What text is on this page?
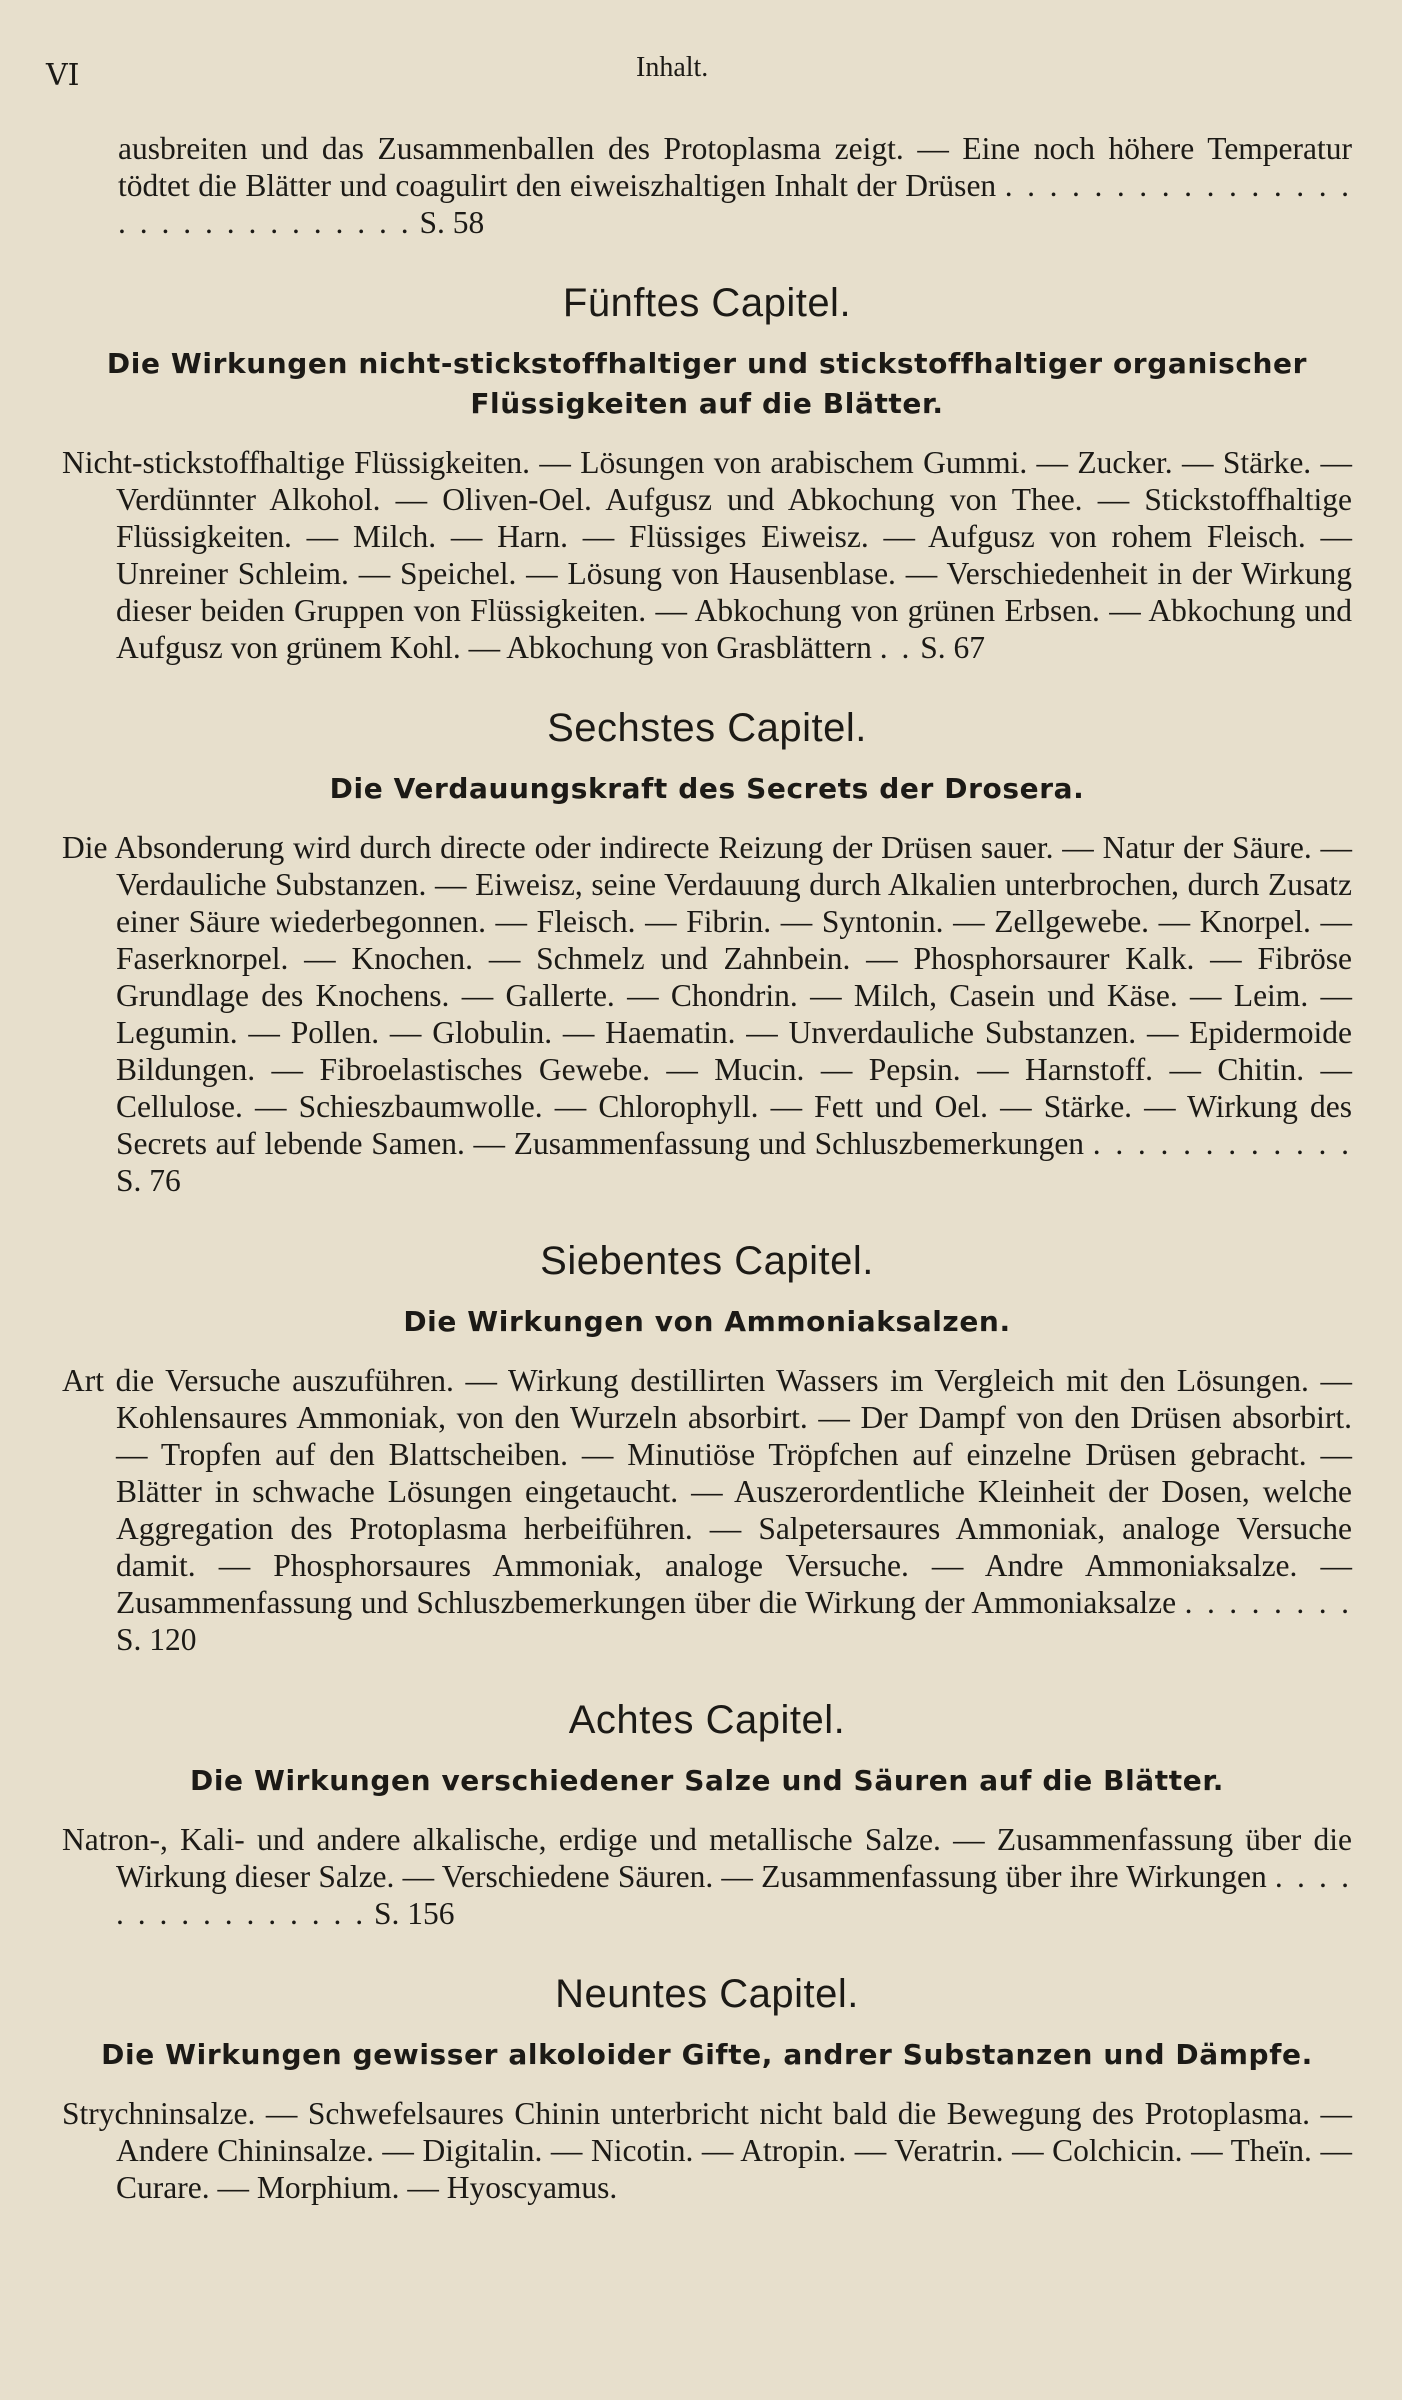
VI	Inhalt.

ausbreiten und das Zusammenballen des Protoplasma zeigt. — Eine noch höhere Temperatur tödtet die Blätter und coagulirt den eiweiszhaltigen Inhalt der Drüsen . . . . . . . . . . . . . . . . . . . . . . . . . . . . . . S. 58

Fünftes Capitel.
Die Wirkungen nicht-stickstoffhaltiger und stickstoffhaltiger organischer Flüssigkeiten auf die Blätter.

Nicht-stickstoffhaltige Flüssigkeiten. — Lösungen von arabischem Gummi. — Zucker. — Stärke. — Verdünnter Alkohol. — Oliven-Oel. Aufgusz und Abkochung von Thee. — Stickstoffhaltige Flüssigkeiten. — Milch. — Harn. — Flüssiges Eiweisz. — Aufgusz von rohem Fleisch. — Unreiner Schleim. — Speichel. — Lösung von Hausenblase. — Verschiedenheit in der Wirkung dieser beiden Gruppen von Flüssigkeiten. — Abkochung von grünen Erbsen. — Abkochung und Aufgusz von grünem Kohl. — Abkochung von Grasblättern . . S. 67

Sechstes Capitel.
Die Verdauungskraft des Secrets der Drosera.

Die Absonderung wird durch directe oder indirecte Reizung der Drüsen sauer. — Natur der Säure. — Verdauliche Substanzen. — Eiweisz, seine Verdauung durch Alkalien unterbrochen, durch Zusatz einer Säure wiederbegonnen. — Fleisch. — Fibrin. — Syntonin. — Zellgewebe. — Knorpel. — Faserknorpel. — Knochen. — Schmelz und Zahnbein. — Phosphorsaurer Kalk. — Fibröse Grundlage des Knochens. — Gallerte. — Chondrin. — Milch, Casein und Käse. — Leim. — Legumin. — Pollen. — Globulin. — Haematin. — Unverdauliche Substanzen. — Epidermoide Bildungen. — Fibroelastisches Gewebe. — Mucin. — Pepsin. — Harnstoff. — Chitin. — Cellulose. — Schieszbaumwolle. — Chlorophyll. — Fett und Oel. — Stärke. — Wirkung des Secrets auf lebende Samen. — Zusammenfassung und Schluszbemerkungen . . . . . . . . . . . . S. 76

Siebentes Capitel.
Die Wirkungen von Ammoniaksalzen.

Art die Versuche auszuführen. — Wirkung destillirten Wassers im Vergleich mit den Lösungen. — Kohlensaures Ammoniak, von den Wurzeln absorbirt. — Der Dampf von den Drüsen absorbirt. — Tropfen auf den Blattscheiben. — Minutiöse Tröpfchen auf einzelne Drüsen gebracht. — Blätter in schwache Lösungen eingetaucht. — Auszerordentliche Kleinheit der Dosen, welche Aggregation des Protoplasma herbeiführen. — Salpetersaures Ammoniak, analoge Versuche damit. — Phosphorsaures Ammoniak, analoge Versuche. — Andre Ammoniaksalze. — Zusammenfassung und Schluszbemerkungen über die Wirkung der Ammoniaksalze . . . . . . . . S. 120

Achtes Capitel.
Die Wirkungen verschiedener Salze und Säuren auf die Blätter.

Natron-, Kali- und andere alkalische, erdige und metallische Salze. — Zusammenfassung über die Wirkung dieser Salze. — Verschiedene Säuren. — Zusammenfassung über ihre Wirkungen . . . . . . . . . . . . . . . . S. 156

Neuntes Capitel.
Die Wirkungen gewisser alkoloider Gifte, andrer Substanzen und Dämpfe.

Strychninsalze. — Schwefelsaures Chinin unterbricht nicht bald die Bewegung des Protoplasma. — Andere Chininsalze. — Digitalin. — Nicotin. — Atropin. — Veratrin. — Colchicin. — Theïn. — Curare. — Morphium. — Hyoscyamus.
